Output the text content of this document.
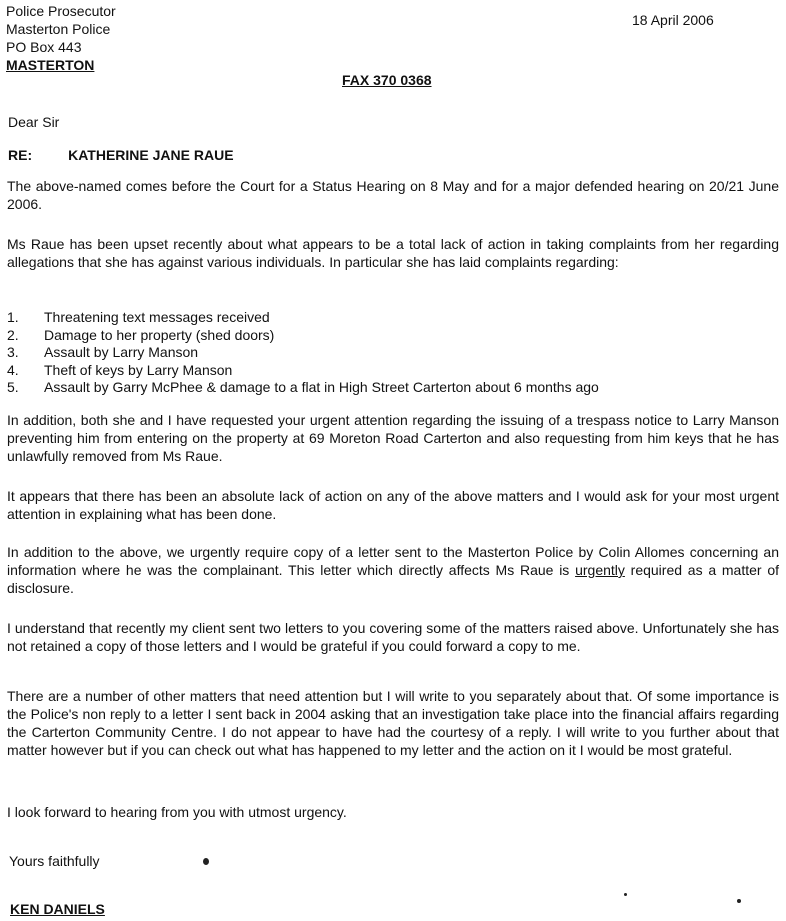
Police Prosecutor
Masterton Police
PO Box 443
MASTERTON
18 April 2006
FAX 370 0368
Dear Sir
RE:	KATHERINE JANE RAUE
The above-named comes before the Court for a Status Hearing on 8 May and for a major defended hearing on 20/21 June 2006.
Ms Raue has been upset recently about what appears to be a total lack of action in taking complaints from her regarding allegations that she has against various individuals. In particular she has laid complaints regarding:
1. Threatening text messages received
2. Damage to her property (shed doors)
3. Assault by Larry Manson
4. Theft of keys by Larry Manson
5. Assault by Garry McPhee & damage to a flat in High Street Carterton about 6 months ago
In addition, both she and I have requested your urgent attention regarding the issuing of a trespass notice to Larry Manson preventing him from entering on the property at 69 Moreton Road Carterton and also requesting from him keys that he has unlawfully removed from Ms Raue.
It appears that there has been an absolute lack of action on any of the above matters and I would ask for your most urgent attention in explaining what has been done.
In addition to the above, we urgently require copy of a letter sent to the Masterton Police by Colin Allomes concerning an information where he was the complainant. This letter which directly affects Ms Raue is urgently required as a matter of disclosure.
I understand that recently my client sent two letters to you covering some of the matters raised above. Unfortunately she has not retained a copy of those letters and I would be grateful if you could forward a copy to me.
There are a number of other matters that need attention but I will write to you separately about that. Of some importance is the Police's non reply to a letter I sent back in 2004 asking that an investigation take place into the financial affairs regarding the Carterton Community Centre. I do not appear to have had the courtesy of a reply. I will write to you further about that matter however but if you can check out what has happened to my letter and the action on it I would be most grateful.
I look forward to hearing from you with utmost urgency.
Yours faithfully
KEN DANIELS
